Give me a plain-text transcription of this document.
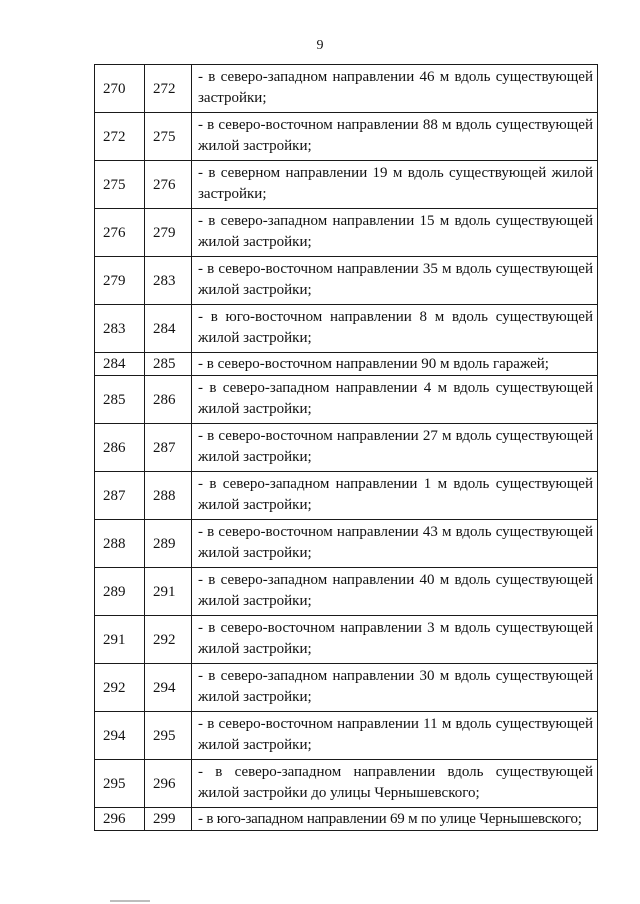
9
270	272	- в северо-западном направлении 46 м вдоль существующей застройки;
272	275	- в северо-восточном направлении 88 м вдоль существующей жилой застройки;
275	276	- в северном направлении 19 м вдоль существующей жилой застройки;
276	279	- в северо-западном направлении 15 м вдоль существующей жилой застройки;
279	283	- в северо-восточном направлении 35 м вдоль существующей жилой застройки;
283	284	- в юго-восточном направлении 8 м вдоль существующей жилой застройки;
284	285	- в северо-восточном направлении 90 м вдоль гаражей;
285	286	- в северо-западном направлении 4 м вдоль существующей жилой застройки;
286	287	- в северо-восточном направлении 27 м вдоль существующей жилой застройки;
287	288	- в северо-западном направлении 1 м вдоль существующей жилой застройки;
288	289	- в северо-восточном направлении 43 м вдоль существующей жилой застройки;
289	291	- в северо-западном направлении 40 м вдоль существующей жилой застройки;
291	292	- в северо-восточном направлении 3 м вдоль существующей жилой застройки;
292	294	- в северо-западном направлении 30 м вдоль существующей жилой застройки;
294	295	- в северо-восточном направлении 11 м вдоль существующей жилой застройки;
295	296	- в северо-западном направлении вдоль существующей жилой застройки до улицы Чернышевского;
296	299	- в юго-западном направлении 69 м по улице Чернышевского;
